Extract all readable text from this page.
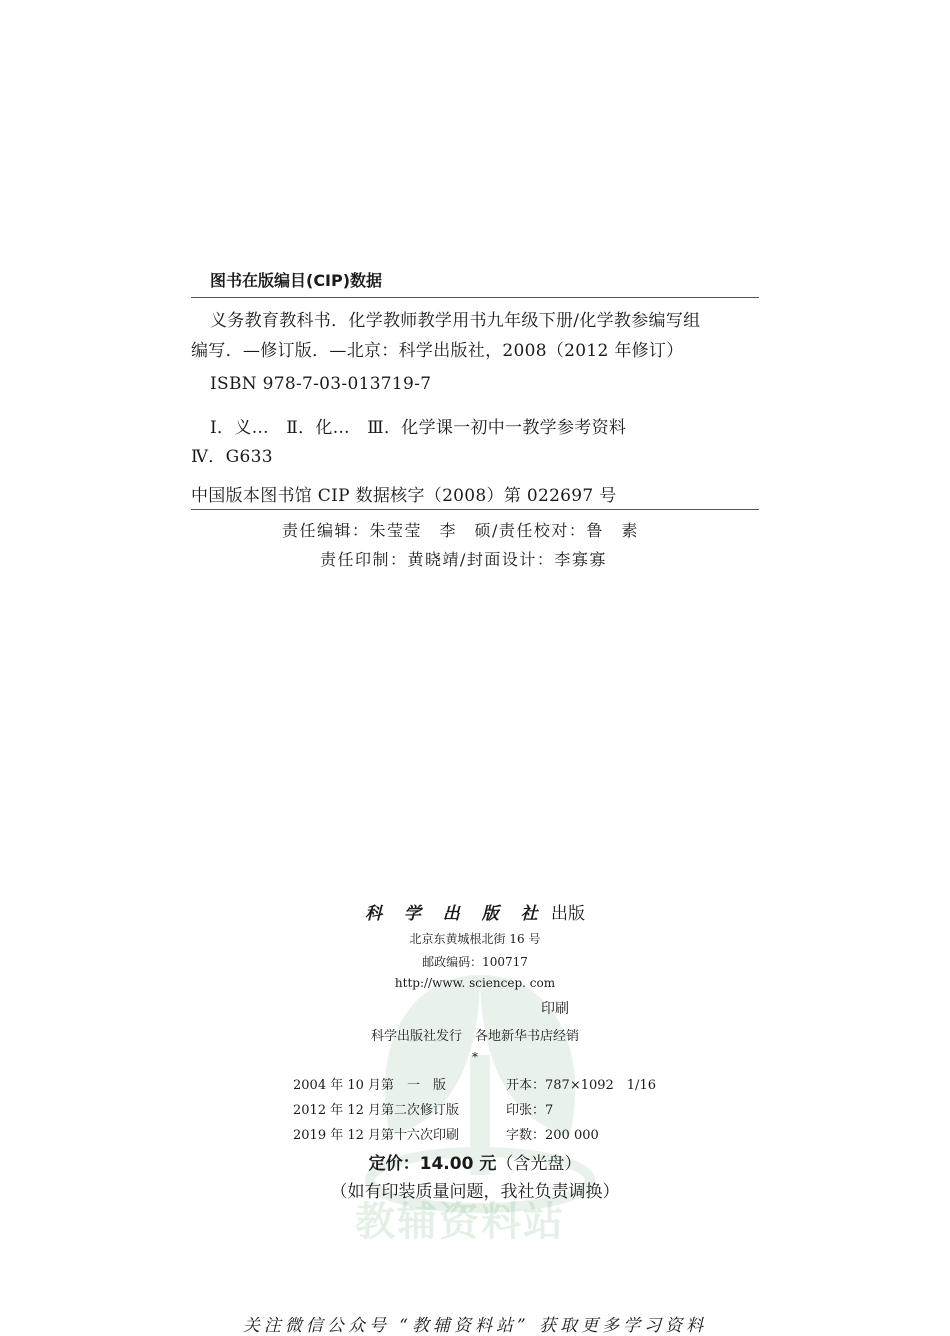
图书在版编目(CIP)数据
义务教育教科书．化学教师教学用书九年级下册/化学教参编写组
编写．—修订版．—北京：科学出版社，2008（2012 年修订）
ISBN 978-7-03-013719-7
Ⅰ．义…　Ⅱ．化…　Ⅲ．化学课一初中一教学参考资料
Ⅳ．G633
中国版本图书馆 CIP 数据核字（2008）第 022697 号
责任编辑：朱莹莹　李　硕/责任校对：鲁　素
责任印制：黄晓靖/封面设计：李寡寡
教辅资料站
科 学 出 版 社 出版
北京东黄城根北街 16 号
邮政编码：100717
http://www. sciencep. com
印刷
科学出版社发行　各地新华书店经销
*
2004 年 10 月第　一　版	开本：787×1092　1/16
2012 年 12 月第二次修订版	印张：7
2019 年 12 月第十六次印刷	字数：200 000
定价：14.00 元（含光盘）
（如有印装质量问题，我社负责调换）
关注微信公众号 “教辅资料站” 获取更多学习资料
